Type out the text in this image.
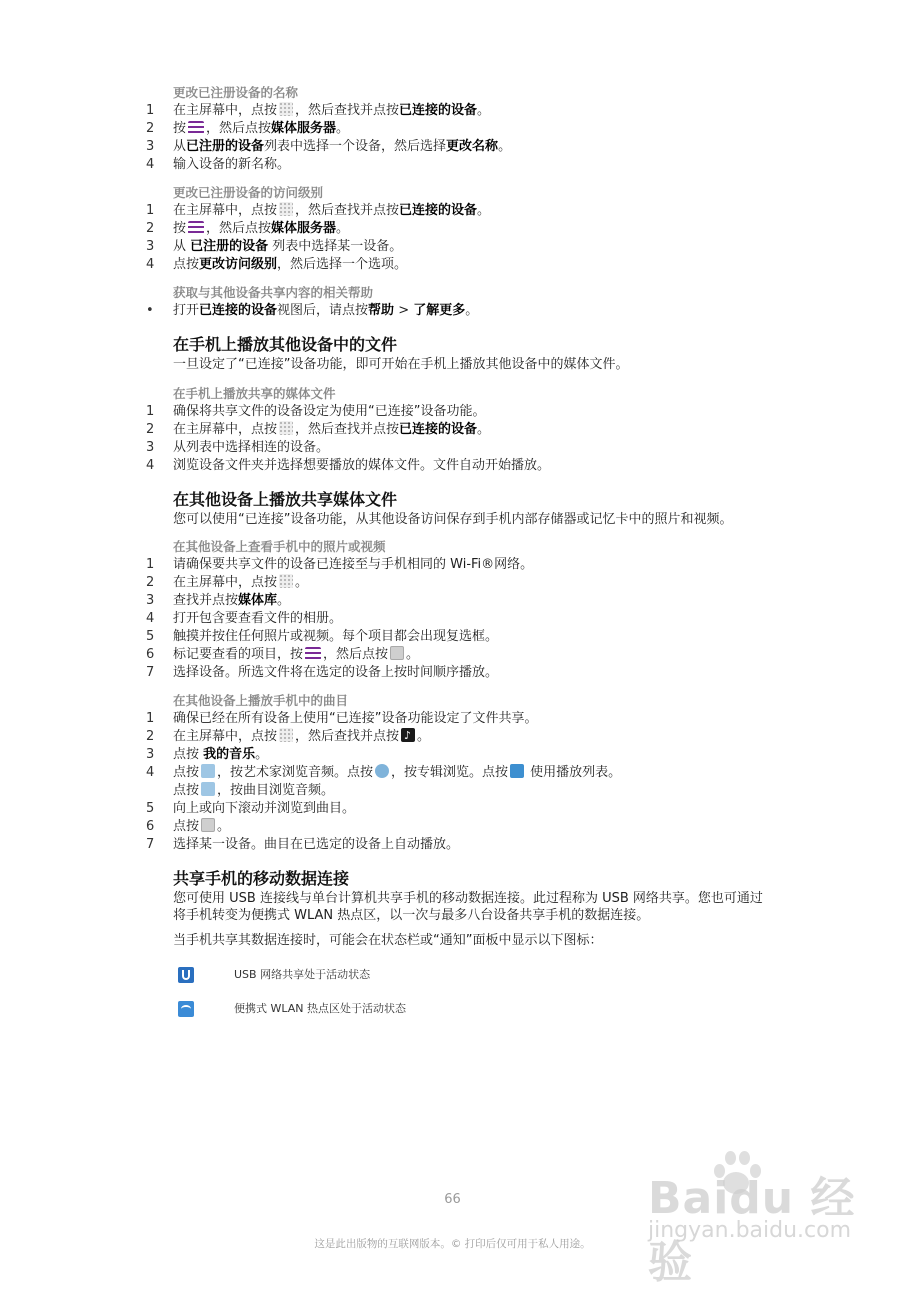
更改已注册设备的名称
1	在主屏幕中，点按 ，然后查找并点按已连接的设备。
2	按 ，然后点按媒体服务器。
3	从已注册的设备列表中选择一个设备，然后选择更改名称。
4	输入设备的新名称。
更改已注册设备的访问级别
1	在主屏幕中，点按 ，然后查找并点按已连接的设备。
2	按 ，然后点按媒体服务器。
3	从 已注册的设备 列表中选择某一设备。
4	点按更改访问级别，然后选择一个选项。
获取与其他设备共享内容的相关帮助
•	打开已连接的设备视图后，请点按帮助 > 了解更多。
在手机上播放其他设备中的文件
一旦设定了“已连接”设备功能，即可开始在手机上播放其他设备中的媒体文件。
在手机上播放共享的媒体文件
1	确保将共享文件的设备设定为使用“已连接”设备功能。
2	在主屏幕中，点按 ，然后查找并点按已连接的设备。
3	从列表中选择相连的设备。
4	浏览设备文件夹并选择想要播放的媒体文件。文件自动开始播放。
在其他设备上播放共享媒体文件
您可以使用“已连接”设备功能，从其他设备访问保存到手机内部存储器或记忆卡中的照片和视频。
在其他设备上查看手机中的照片或视频
1	请确保要共享文件的设备已连接至与手机相同的 Wi-Fi®网络。
2	在主屏幕中，点按 。
3	查找并点按媒体库。
4	打开包含要查看文件的相册。
5	触摸并按住任何照片或视频。每个项目都会出现复选框。
6	标记要查看的项目，按 ，然后点按 。
7	选择设备。所选文件将在选定的设备上按时间顺序播放。
在其他设备上播放手机中的曲目
1	确保已经在所有设备上使用“已连接”设备功能设定了文件共享。
2	在主屏幕中，点按 ，然后查找并点按♪ 。
3	点按 我的音乐。
4	点按 ，按艺术家浏览音频。点按 ，按专辑浏览。点按 使用播放列表。
点按 ，按曲目浏览音频。
5	向上或向下滚动并浏览到曲目。
6	点按 。
7	选择某一设备。曲目在已选定的设备上自动播放。
共享手机的移动数据连接
您可使用 USB 连接线与单台计算机共享手机的移动数据连接。此过程称为 USB 网络共享。您也可通过将手机转变为便携式 WLAN 热点区，以一次与最多八台设备共享手机的数据连接。
当手机共享其数据连接时，可能会在状态栏或“通知”面板中显示以下图标：
USB 网络共享处于活动状态
便携式 WLAN 热点区处于活动状态
66
这是此出版物的互联网版本。© 打印后仅可用于私人用途。
Baidu 经验
jingyan.baidu.com
